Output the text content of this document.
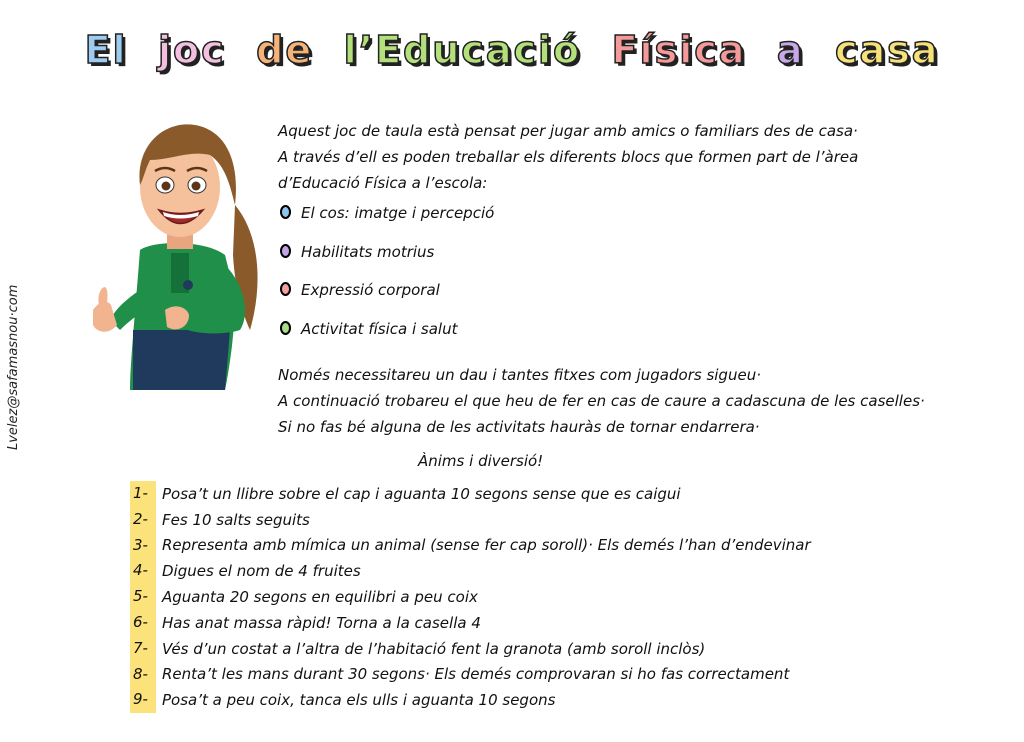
El joc de l’Educació Física a casa
Lvelez@safamasnou·com

Aquest joc de taula està pensat per jugar amb amics o familiars des de casa·

A través d’ell es poden treballar els diferents blocs que formen part de l’àrea

d’Educació Física a l’escola:

El cos: imatge i percepció
Habilitats motrius
Expressió corporal
Activitat física i salut

Només necessitareu un dau i tantes fitxes com jugadors sigueu·

A continuació trobareu el que heu de fer en cas de caure a cadascuna de les caselles·

Si no fas bé alguna de les activitats hauràs de tornar endarrera·

Ànims i diversió!

1- Posa’t un llibre sobre el cap i aguanta 10 segons sense que es caigui
2- Fes 10 salts seguits
3- Representa amb mímica un animal (sense fer cap soroll)· Els demés l’han d’endevinar
4- Digues el nom de 4 fruites
5- Aguanta 20 segons en equilibri a peu coix
6- Has anat massa ràpid! Torna a la casella 4
7- Vés d’un costat a l’altra de l’habitació fent la granota (amb soroll inclòs)
8- Renta’t les mans durant 30 segons· Els demés comprovaran si ho fas correctament
9- Posa’t a peu coix, tanca els ulls i aguanta 10 segons
